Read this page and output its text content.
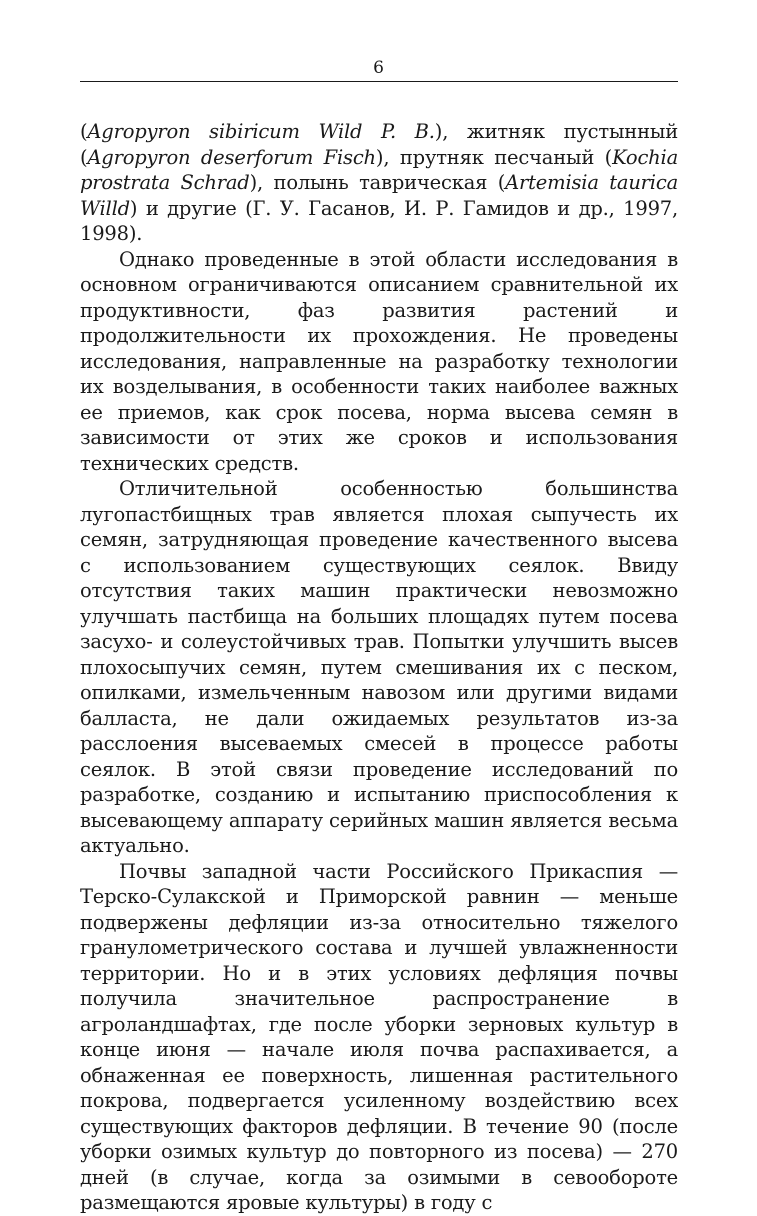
6

(Agropyron sibiricum Wild P. B.), житняк пустынный (Agropyron deserforum Fisch), прутняк песчаный (Kochia prostrata Schrad), полынь таврическая (Artemisia taurica Willd) и другие (Г. У. Гасанов, И. Р. Гамидов и др., 1997, 1998).

Однако проведенные в этой области исследования в основном ограничиваются описанием сравнительной их продуктивности, фаз развития растений и продолжительности их прохождения. Не проведены исследования, направленные на разработку технологии их возделывания, в особенности таких наиболее важных ее приемов, как срок посева, норма высева семян в зависимости от этих же сроков и использования технических средств.

Отличительной особенностью большинства лугопастбищных трав является плохая сыпучесть их семян, затрудняющая проведение качественного высева с использованием существующих сеялок. Ввиду отсутствия таких машин практически невозможно улучшать пастбища на больших площадях путем посева засухо- и солеустойчивых трав. Попытки улучшить высев плохосыпучих семян, путем смешивания их с песком, опилками, измельченным навозом или другими видами балласта, не дали ожидаемых результатов из-за расслоения высеваемых смесей в процессе работы сеялок. В этой связи проведение исследований по разработке, созданию и испытанию приспособления к высевающему аппарату серийных машин является весьма актуально.

Почвы западной части Российского Прикаспия — Терско-Сулакской и Приморской равнин — меньше подвержены дефляции из-за относительно тяжелого гранулометрического состава и лучшей увлажненности территории. Но и в этих условиях дефляция почвы получила значительное распространение в агроландшафтах, где после уборки зерновых культур в конце июня — начале июля почва распахивается, а обнаженная ее поверхность, лишенная растительного покрова, подвергается усиленному воздействию всех существующих факторов дефляции. В течение 90 (после уборки озимых культур до повторного из посева) — 270 дней (в случае, когда за озимыми в севообороте размещаются яровые культуры) в году с
